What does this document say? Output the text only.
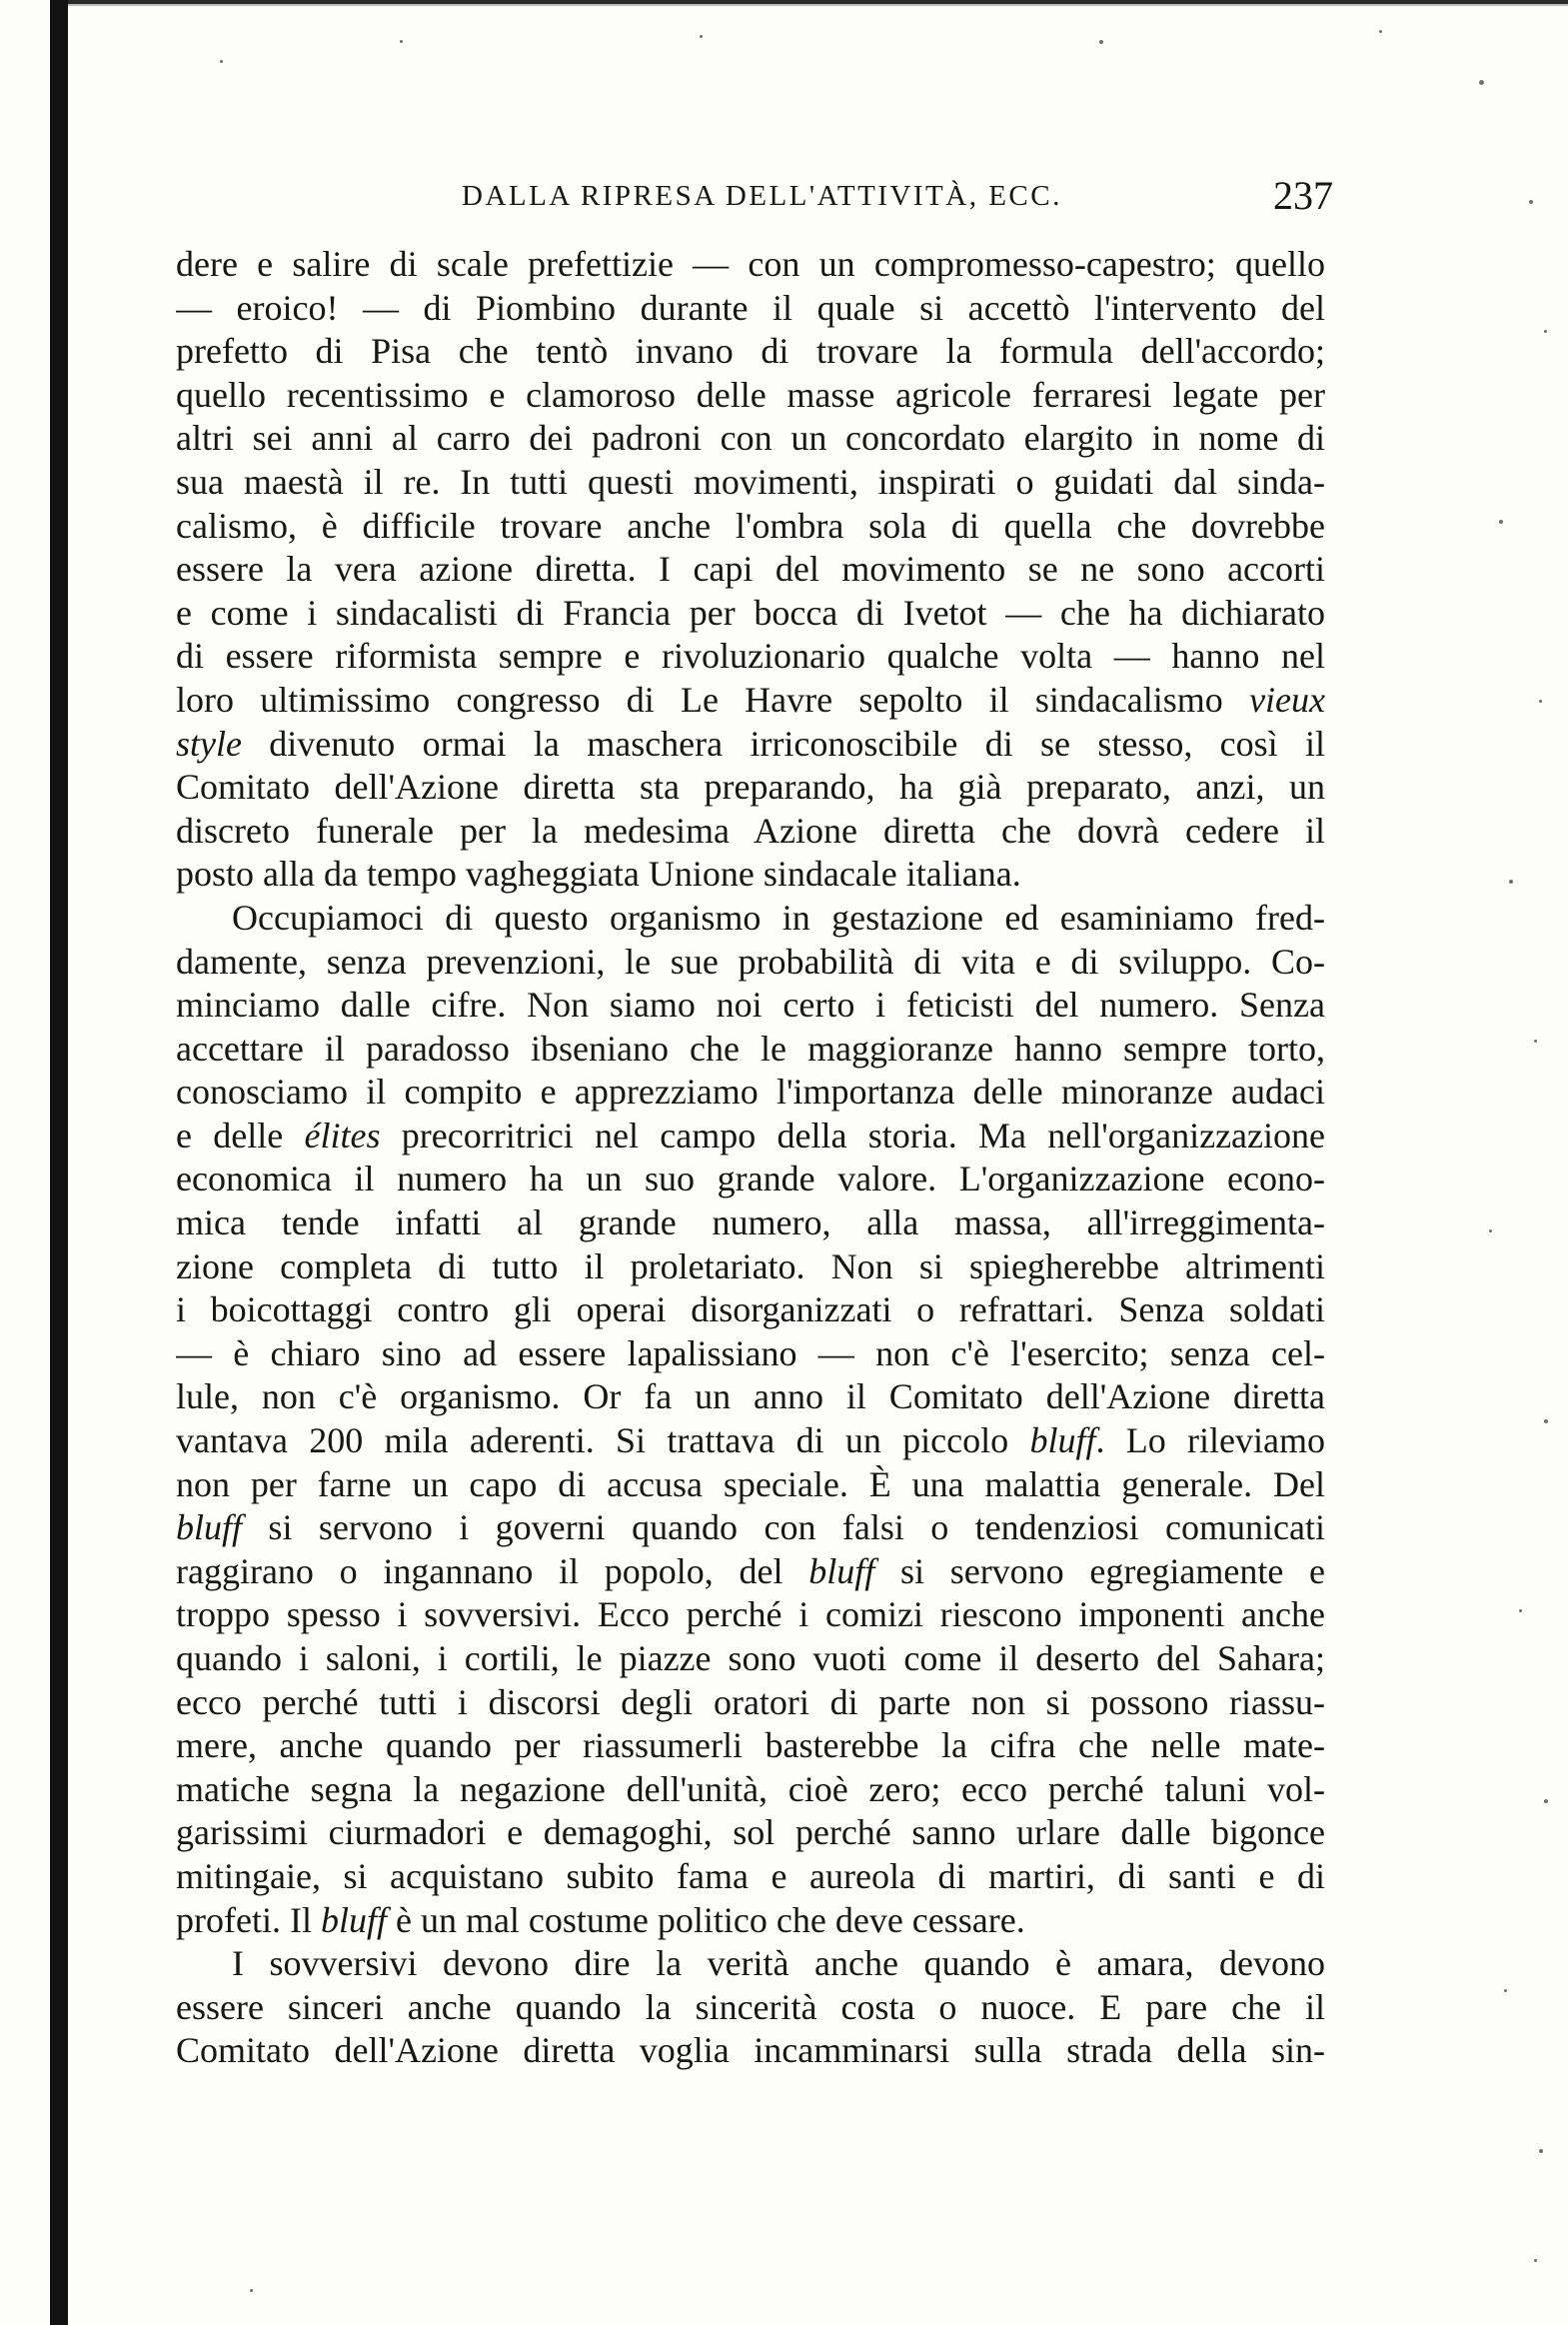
DALLA RIPRESA DELL'ATTIVITÀ, ECC.	237
dere e salire di scale prefettizie — con un compromesso-capestro; quello
— eroico! — di Piombino durante il quale si accettò l'intervento del
prefetto di Pisa che tentò invano di trovare la formula dell'accordo;
quello recentissimo e clamoroso delle masse agricole ferraresi legate per
altri sei anni al carro dei padroni con un concordato elargito in nome di
sua maestà il re. In tutti questi movimenti, inspirati o guidati dal sinda-
calismo, è difficile trovare anche l'ombra sola di quella che dovrebbe
essere la vera azione diretta. I capi del movimento se ne sono accorti
e come i sindacalisti di Francia per bocca di Ivetot — che ha dichiarato
di essere riformista sempre e rivoluzionario qualche volta — hanno nel
loro ultimissimo congresso di Le Havre sepolto il sindacalismo vieux
style divenuto ormai la maschera irriconoscibile di se stesso, così il
Comitato dell'Azione diretta sta preparando, ha già preparato, anzi, un
discreto funerale per la medesima Azione diretta che dovrà cedere il
posto alla da tempo vagheggiata Unione sindacale italiana.
Occupiamoci di questo organismo in gestazione ed esaminiamo fred-
damente, senza prevenzioni, le sue probabilità di vita e di sviluppo. Co-
minciamo dalle cifre. Non siamo noi certo i feticisti del numero. Senza
accettare il paradosso ibseniano che le maggioranze hanno sempre torto,
conosciamo il compito e apprezziamo l'importanza delle minoranze audaci
e delle élites precorritrici nel campo della storia. Ma nell'organizzazione
economica il numero ha un suo grande valore. L'organizzazione econo-
mica tende infatti al grande numero, alla massa, all'irreggimenta-
zione completa di tutto il proletariato. Non si spiegherebbe altrimenti
i boicottaggi contro gli operai disorganizzati o refrattari. Senza soldati
— è chiaro sino ad essere lapalissiano — non c'è l'esercito; senza cel-
lule, non c'è organismo. Or fa un anno il Comitato dell'Azione diretta
vantava 200 mila aderenti. Si trattava di un piccolo bluff. Lo rileviamo
non per farne un capo di accusa speciale. È una malattia generale. Del
bluff si servono i governi quando con falsi o tendenziosi comunicati
raggirano o ingannano il popolo, del bluff si servono egregiamente e
troppo spesso i sovversivi. Ecco perché i comizi riescono imponenti anche
quando i saloni, i cortili, le piazze sono vuoti come il deserto del Sahara;
ecco perché tutti i discorsi degli oratori di parte non si possono riassu-
mere, anche quando per riassumerli basterebbe la cifra che nelle mate-
matiche segna la negazione dell'unità, cioè zero; ecco perché taluni vol-
garissimi ciurmadori e demagoghi, sol perché sanno urlare dalle bigonce
mitingaie, si acquistano subito fama e aureola di martiri, di santi e di
profeti. Il bluff è un mal costume politico che deve cessare.
I sovversivi devono dire la verità anche quando è amara, devono
essere sinceri anche quando la sincerità costa o nuoce. E pare che il
Comitato dell'Azione diretta voglia incamminarsi sulla strada della sin-
